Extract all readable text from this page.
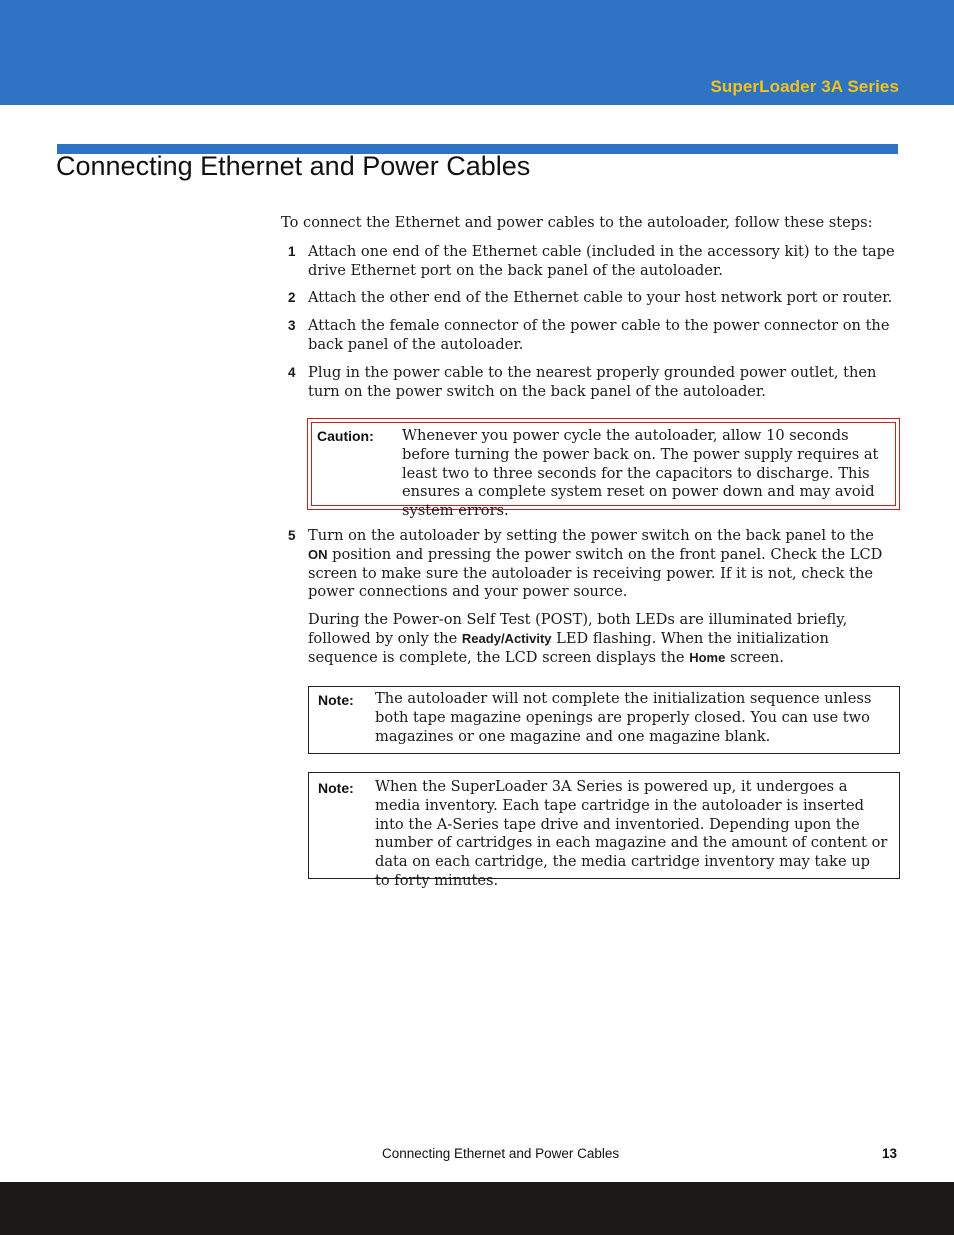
SuperLoader 3A Series
Connecting Ethernet and Power Cables

To connect the Ethernet and power cables to the autoloader, follow these steps:

1 Attach one end of the Ethernet cable (included in the accessory kit) to the tape drive Ethernet port on the back panel of the autoloader.
2 Attach the other end of the Ethernet cable to your host network port or router.
3 Attach the female connector of the power cable to the power connector on the back panel of the autoloader.
4 Plug in the power cable to the nearest properly grounded power outlet, then turn on the power switch on the back panel of the autoloader.
Caution: Whenever you power cycle the autoloader, allow 10 seconds before turning the power back on. The power supply requires at least two to three seconds for the capacitors to discharge. This ensures a complete system reset on power down and may avoid system errors.

5 Turn on the autoloader by setting the power switch on the back panel to the ON position and pressing the power switch on the front panel. Check the LCD screen to make sure the autoloader is receiving power. If it is not, check the power connections and your power source.
During the Power-on Self Test (POST), both LEDs are illuminated briefly, followed by only the Ready/Activity LED flashing. When the initialization sequence is complete, the LCD screen displays the Home screen.
Note: The autoloader will not complete the initialization sequence unless both tape magazine openings are properly closed. You can use two magazines or one magazine and one magazine blank.

Note: When the SuperLoader 3A Series is powered up, it undergoes a media inventory. Each tape cartridge in the autoloader is inserted into the A-Series tape drive and inventoried. Depending upon the number of cartridges in each magazine and the amount of content or data on each cartridge, the media cartridge inventory may take up to forty minutes.

Connecting Ethernet and Power Cables	13
